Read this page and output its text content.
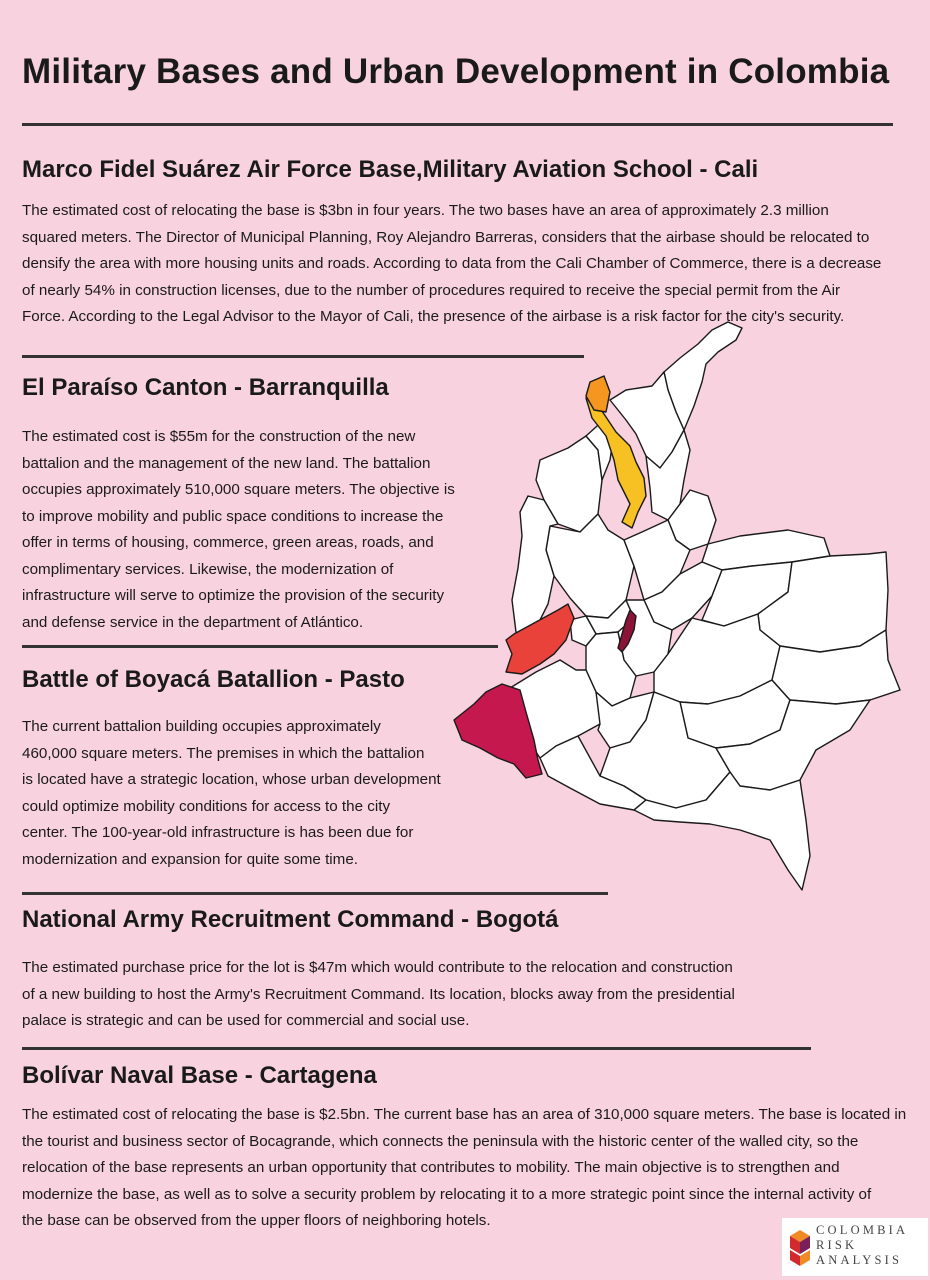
Military Bases and Urban Development in Colombia
Marco Fidel Suárez Air Force Base,Military Aviation School - Cali

The estimated cost of relocating the base is $3bn in four years. The two bases have an area of approximately 2.3 million
squared meters. The Director of Municipal Planning, Roy Alejandro Barreras, considers that the airbase should be relocated to
densify the area with more housing units and roads. According to data from the Cali Chamber of Commerce, there is a decrease
of nearly 54% in construction licenses, due to the number of procedures required to receive the special permit from the Air
Force. According to the Legal Advisor to the Mayor of Cali, the presence of the airbase is a risk factor for the city's security.

El Paraíso Canton - Barranquilla

The estimated cost is $55m for the construction of the new
battalion and the management of the new land. The battalion
occupies approximately 510,000 square meters. The objective is
to improve mobility and public space conditions to increase the
offer in terms of housing, commerce, green areas, roads, and
complimentary services. Likewise, the modernization of
infrastructure will serve to optimize the provision of the security
and defense service in the department of Atlántico.

Battle of Boyacá Batallion - Pasto

The current battalion building occupies approximately
460,000 square meters. The premises in which the battalion
is located have a strategic location, whose urban development
could optimize mobility conditions for access to the city
center. The 100-year-old infrastructure is has been due for
modernization and expansion for quite some time.

National Army Recruitment Command - Bogotá

The estimated purchase price for the lot is $47m which would contribute to the relocation and construction
of a new building to host the Army's Recruitment Command. Its location, blocks away from the presidential
palace is strategic and can be used for commercial and social use.

Bolívar Naval Base - Cartagena

The estimated cost of relocating the base is $2.5bn. The current base has an area of 310,000 square meters. The base is located in
the tourist and business sector of Bocagrande, which connects the peninsula with the historic center of the walled city, so the
relocation of the base represents an urban opportunity that contributes to mobility. The main objective is to strengthen and
modernize the base, as well as to solve a security problem by relocating it to a more strategic point since the internal activity of
the base can be observed from the upper floors of neighboring hotels.

COLOMBIA
RISK
ANALYSIS
